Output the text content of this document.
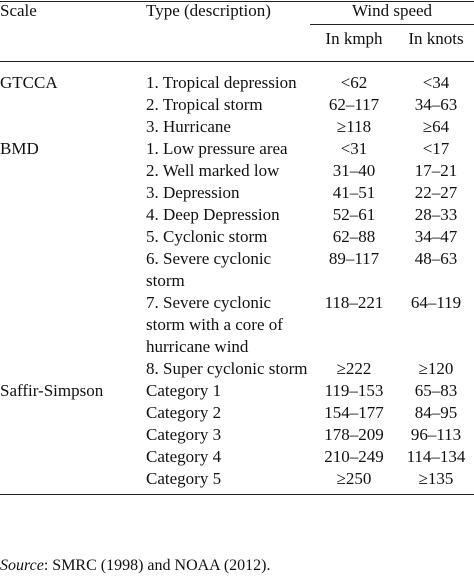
Scale	Type (description)	Wind speed	
		In kmph	In knots

GTCCA	1. Tropical depression	<62	<34
	2. Tropical storm	62–117	34–63
	3. Hurricane	≥118	≥64
BMD	1. Low pressure area	<31	<17
	2. Well marked low	31–40	17–21
	3. Depression	41–51	22–27
	4. Deep Depression	52–61	28–33
	5. Cyclonic storm	62–88	34–47
	6. Severe cyclonic storm	89–117	48–63
	7. Severe cyclonic storm with a core of hurricane wind	118–221	64–119
	8. Super cyclonic storm	≥222	≥120
Saffir-Simpson	Category 1	119–153	65–83
	Category 2	154–177	84–95
	Category 3	178–209	96–113
	Category 4	210–249	114–134
	Category 5	≥250	≥135
Source: SMRC (1998) and NOAA (2012).
